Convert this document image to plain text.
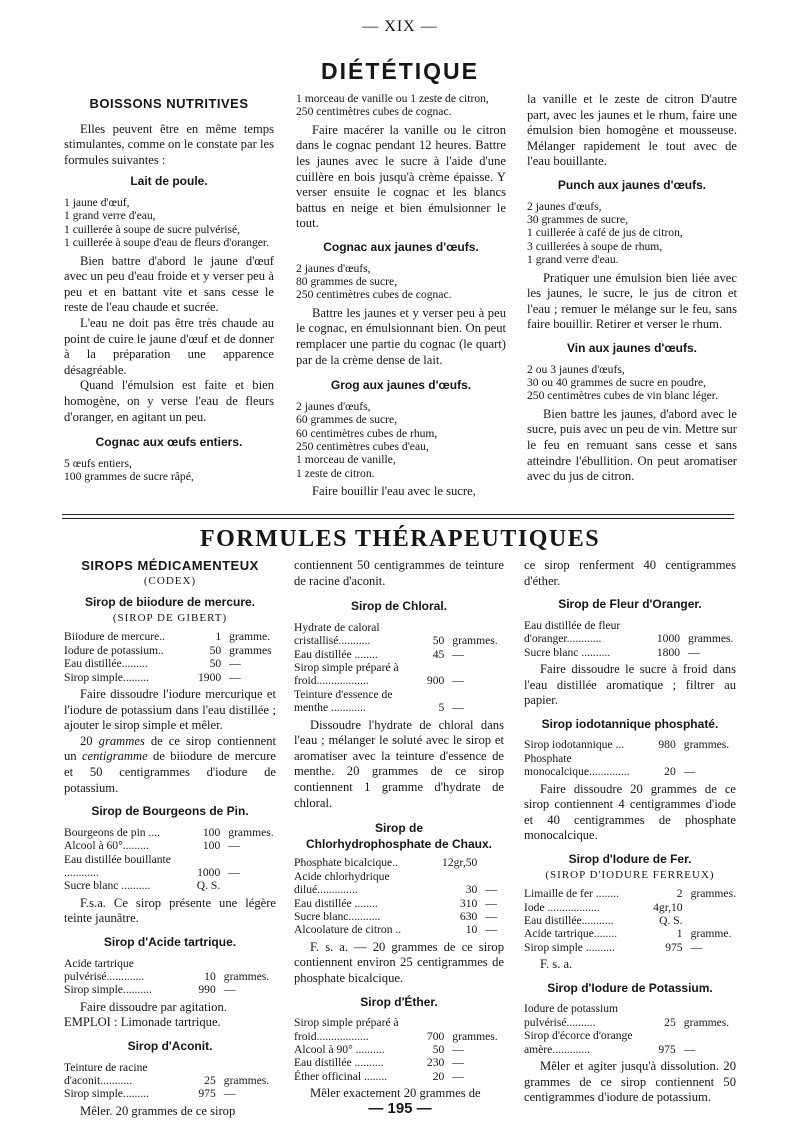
— XIX —
DIÉTÉTIQUE
BOISSONS NUTRITIVES

Elles peuvent être en même temps stimulantes, comme on le constate par les formules suivantes :

Lait de poule.
1 jaune d'œuf,
1 grand verre d'eau,
1 cuillerée à soupe de sucre pulvérisé,
1 cuillerée à soupe d'eau de fleurs d'oranger.

Bien battre d'abord le jaune d'œuf avec un peu d'eau froide et y verser peu à peu et en battant vite et sans cesse le reste de l'eau chaude et sucrée.

L'eau ne doit pas être très chaude au point de cuire le jaune d'œuf et de donner à la préparation une apparence désagréable.

Quand l'émulsion est faite et bien homogène, on y verse l'eau de fleurs d'oranger, en agitant un peu.

Cognac aux œufs entiers.
5 œufs entiers,
100 grammes de sucre râpé,
1 morceau de vanille ou 1 zeste de citron,
250 centimètres cubes de cognac.

Faire macérer la vanille ou le citron dans le cognac pendant 12 heures. Battre les jaunes avec le sucre à l'aide d'une cuillère en bois jusqu'à crème épaisse. Y verser ensuite le cognac et les blancs battus en neige et bien émulsionner le tout.

Cognac aux jaunes d'œufs.
2 jaunes d'œufs,
80 grammes de sucre,
250 centimètres cubes de cognac.

Battre les jaunes et y verser peu à peu le cognac, en émulsionnant bien. On peut remplacer une partie du cognac (le quart) par de la crème dense de lait.

Grog aux jaunes d'œufs.
2 jaunes d'œufs,
60 grammes de sucre,
60 centimètres cubes de rhum,
250 centimètres cubes d'eau,
1 morceau de vanille,
1 zeste de citron.

Faire bouillir l'eau avec le sucre,

la vanille et le zeste de citron D'autre part, avec les jaunes et le rhum, faire une émulsion bien homogène et mousseuse. Mélanger rapidement le tout avec de l'eau bouillante.

Punch aux jaunes d'œufs.
2 jaunes d'œufs,
30 grammes de sucre,
1 cuillerée à café de jus de citron,
3 cuillerées à soupe de rhum,
1 grand verre d'eau.

Pratiquer une émulsion bien liée avec les jaunes, le sucre, le jus de citron et l'eau ; remuer le mélange sur le feu, sans faire bouillir. Retirer et verser le rhum.

Vin aux jaunes d'œufs.
2 ou 3 jaunes d'œufs,
30 ou 40 grammes de sucre en poudre,
250 centimètres cubes de vin blanc léger.

Bien battre les jaunes, d'abord avec le sucre, puis avec un peu de vin. Mettre sur le feu en remuant sans cesse et sans atteindre l'ébullition. On peut aromatiser avec du jus de citron.

FORMULES THÉRAPEUTIQUES
SIROPS MÉDICAMENTEUX
(CODEX)
Sirop de biiodure de mercure.
(SIROP DE GIBERT)
Biiodure de mercure..	1	gramme.
Iodure de potassium..	50	grammes
Eau distillée.........	50	—
Sirop simple.........	1900	—

Faire dissoudre l'iodure mercurique et l'iodure de potassium dans l'eau distillée ; ajouter le sirop simple et mêler.

20 grammes de ce sirop contiennent un centigramme de biiodure de mercure et 50 centigrammes d'iodure de potassium.

Sirop de Bourgeons de Pin.
Bourgeons de pin ....	100	grammes.
Alcool à 60°.........	100	—
Eau distillée bouillante ............	1000	—
Sucre blanc ..........	Q. S.	

F.s.a. Ce sirop présente une légère teinte jaunâtre.

Sirop d'Acide tartrique.
Acide tartrique pulvérisé.............	10	grammes.
Sirop simple..........	990	—

Faire dissoudre par agitation.

EMPLOI : Limonade tartrique.

Sirop d'Aconit.
Teinture de racine d'aconit...........	25	grammes.
Sirop simple.........	975	—

Mêler. 20 grammes de ce sirop

contiennent 50 centigrammes de teinture de racine d'aconit.

Sirop de Chloral.
Hydrate de caloral cristallisé...........	50	grammes.
Eau distillée ........	45	—
Sirop simple préparé à froid..................	900	—
Teinture d'essence de menthe ............	5	—

Dissoudre l'hydrate de chloral dans l'eau ; mélanger le soluté avec le sirop et aromatiser avec la teinture d'essence de menthe. 20 grammes de ce sirop contiennent 1 gramme d'hydrate de chloral.

Sirop de
Chlorhydrophosphate de Chaux.
Phosphate bicalcique..	12gr,50	
Acide chlorhydrique dilué..............	30	—
Eau distillée ........	310	—
Sucre blanc...........	630	—
Alcoolature de citron ..	10	—

F. s. a. — 20 grammes de ce sirop contiennent environ 25 centigrammes de phosphate bicalcique.

Sirop d'Éther.
Sirop simple préparé à froid..................	700	grammes.
Alcool à 90° ..........	50	—
Eau distillée ..........	230	—
Éther officinal ........	20	—

Mêler exactement 20 grammes de

ce sirop renferment 40 centigrammes d'éther.

Sirop de Fleur d'Oranger.
Eau distillée de fleur d'oranger............	1000	grammes.
Sucre blanc ..........	1800	—

Faire dissoudre le sucre à froid dans l'eau distillée aromatique ; filtrer au papier.

Sirop iodotannique phosphaté.
Sirop iodotannique ...	980	grammes.
Phosphate monocalcique..............	20	—

Faire dissoudre 20 grammes de ce sirop contiennent 4 centigrammes d'iode et 40 centigrammes de phosphate monocalcique.

Sirop d'Iodure de Fer.
(SIROP D'IODURE FERREUX)
Limaille de fer ........	2	grammes.
Iode ..................	4gr,10	
Eau distillée...........	Q. S.	
Acide tartrique........	1	gramme.
Sirop simple ..........	975	—

F. s. a.

Sirop d'Iodure de Potassium.
Iodure de potassium pulvérisé..........	25	grammes.
Sirop d'écorce d'orange amère.............	975	—

Mêler et agiter jusqu'à dissolution. 20 grammes de ce sirop contiennent 50 centigrammes d'iodure de potassium.

— 195 —
